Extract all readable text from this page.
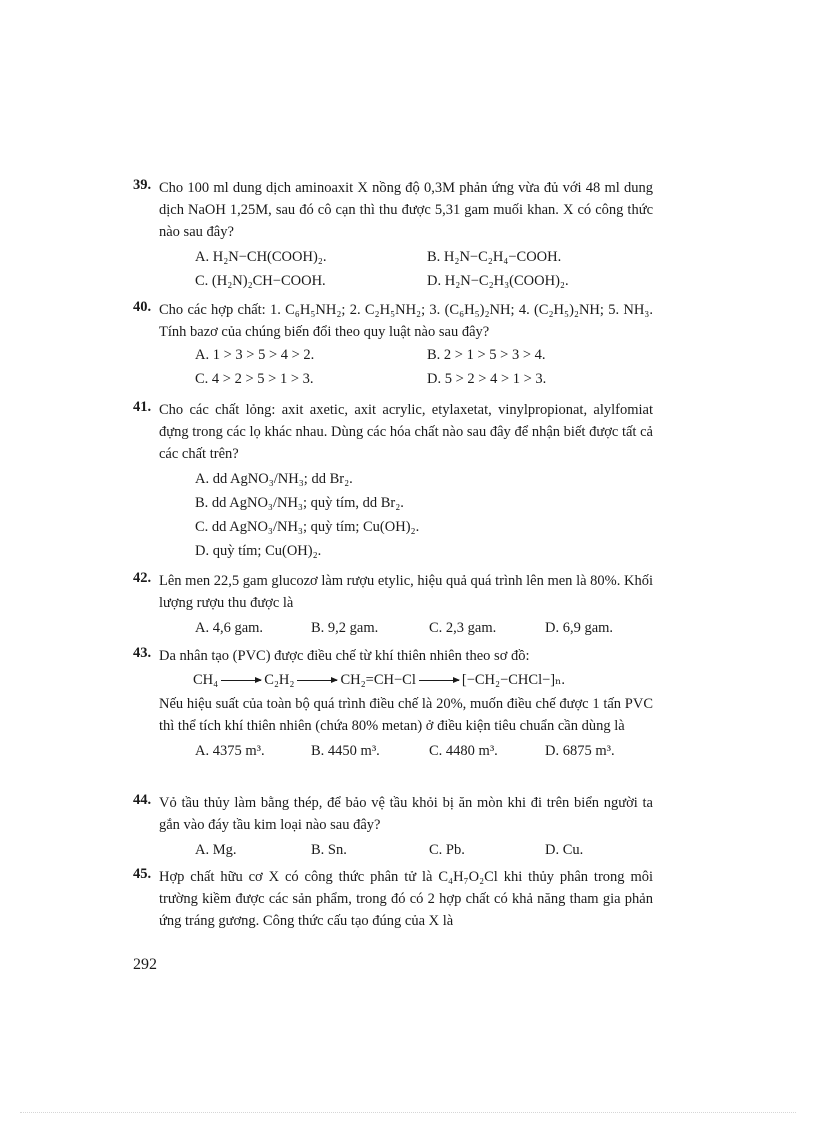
39. Cho 100 ml dung dịch aminoaxit X nồng độ 0,3M phản ứng vừa đủ với 48 ml dung dịch NaOH 1,25M, sau đó cô cạn thì thu được 5,31 gam muối khan. X có công thức nào sau đây?
A. H₂N−CH(COOH)₂.	B. H₂N−C₂H₄−COOH.
C. (H₂N)₂CH−COOH.	D. H₂N−C₂H₃(COOH)₂.
40. Cho các hợp chất: 1. C₆H₅NH₂; 2. C₂H₅NH₂; 3. (C₆H₅)₂NH; 4. (C₂H₅)₂NH; 5. NH₃. Tính bazơ của chúng biến đổi theo quy luật nào sau đây?
A. 1 > 3 > 5 > 4 > 2.	B. 2 > 1 > 5 > 3 > 4.
C. 4 > 2 > 5 > 1 > 3.	D. 5 > 2 > 4 > 1 > 3.
41. Cho các chất lỏng: axit axetic, axit acrylic, etylaxetat, vinylpropionat, alylfomiat đựng trong các lọ khác nhau. Dùng các hóa chất nào sau đây để nhận biết được tất cả các chất trên?
A. dd AgNO₃/NH₃; dd Br₂.
B. dd AgNO₃/NH₃; quỳ tím, dd Br₂.
C. dd AgNO₃/NH₃; quỳ tím; Cu(OH)₂.
D. quỳ tím; Cu(OH)₂.
42. Lên men 22,5 gam glucozơ làm rượu etylic, hiệu quả quá trình lên men là 80%. Khối lượng rượu thu được là
A. 4,6 gam.	B. 9,2 gam.	C. 2,3 gam.	D. 6,9 gam.
43. Da nhân tạo (PVC) được điều chế từ khí thiên nhiên theo sơ đồ:
CH₄	C₂H₂	CH₂=CH−Cl	[−CH₂−CHCl−]ₙ.
Nếu hiệu suất của toàn bộ quá trình điều chế là 20%, muốn điều chế được 1 tấn PVC thì thể tích khí thiên nhiên (chứa 80% metan) ở điều kiện tiêu chuẩn cần dùng là
A. 4375 m³.	B. 4450 m³.	C. 4480 m³.	D. 6875 m³.
44. Vỏ tầu thủy làm bằng thép, để bảo vệ tầu khỏi bị ăn mòn khi đi trên biển người ta gắn vào đáy tầu kim loại nào sau đây?
A. Mg.	B. Sn.	C. Pb.	D. Cu.
45. Hợp chất hữu cơ X có công thức phân tử là C₄H₇O₂Cl khi thủy phân trong môi trường kiềm được các sản phẩm, trong đó có 2 hợp chất có khả năng tham gia phản ứng tráng gương. Công thức cấu tạo đúng của X là
292
